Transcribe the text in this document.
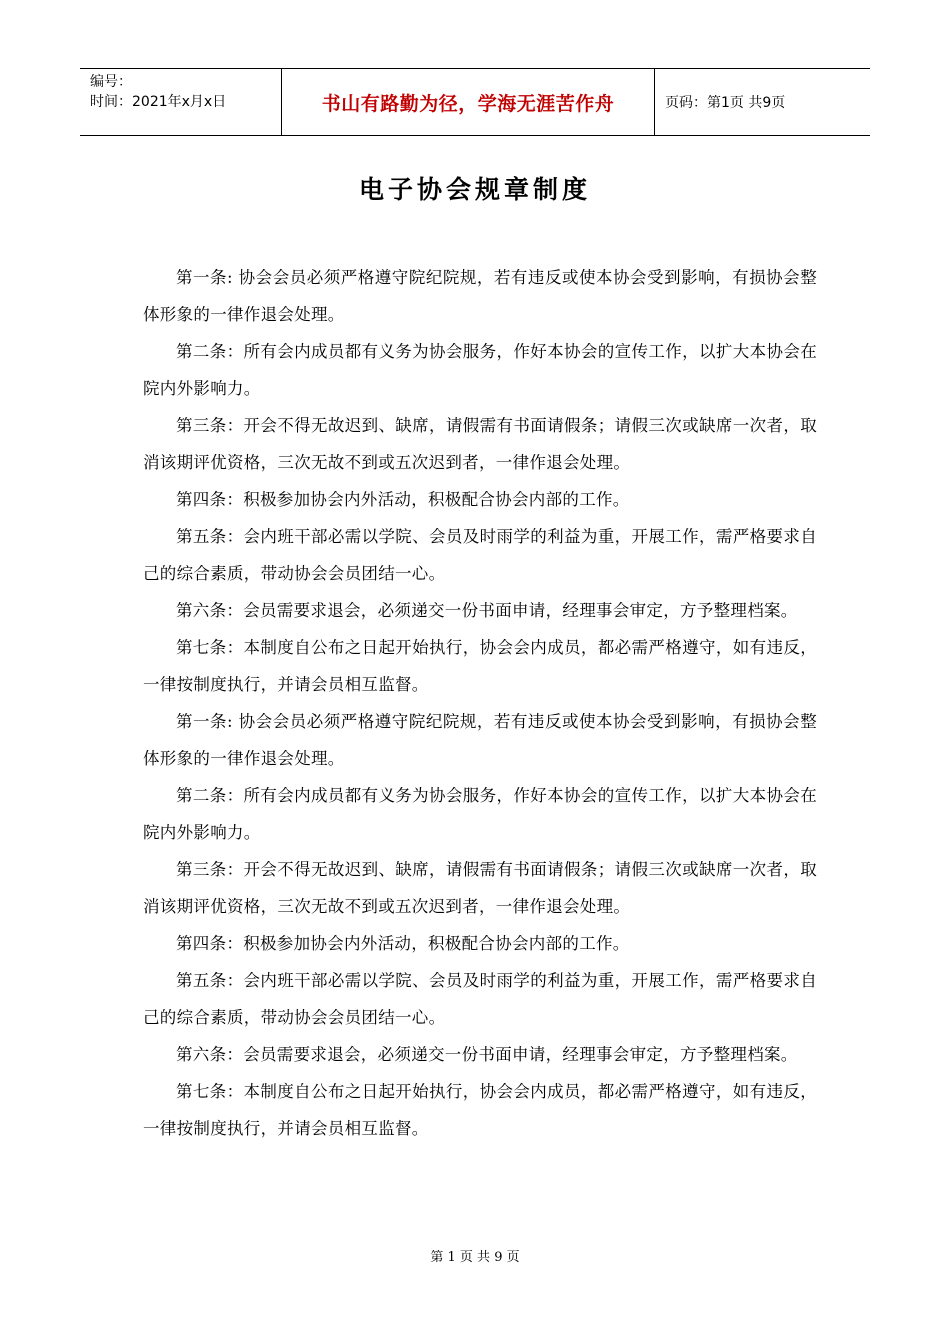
编号：
时间：2021年x月x日	书山有路勤为径，学海无涯苦作舟	页码：第1页 共9页
电子协会规章制度

第一条: 协会会员必须严格遵守院纪院规，若有违反或使本协会受到影响，有损协会整体形象的一律作退会处理。

第二条：所有会内成员都有义务为协会服务，作好本协会的宣传工作，以扩大本协会在院内外影响力。

第三条：开会不得无故迟到、缺席，请假需有书面请假条；请假三次或缺席一次者，取消该期评优资格，三次无故不到或五次迟到者，一律作退会处理。

第四条：积极参加协会内外活动，积极配合协会内部的工作。

第五条：会内班干部必需以学院、会员及时雨学的利益为重，开展工作，需严格要求自己的综合素质，带动协会会员团结一心。

第六条：会员需要求退会，必须递交一份书面申请，经理事会审定，方予整理档案。

第七条：本制度自公布之日起开始执行，协会会内成员，都必需严格遵守，如有违反，一律按制度执行，并请会员相互监督。

第一条: 协会会员必须严格遵守院纪院规，若有违反或使本协会受到影响，有损协会整体形象的一律作退会处理。

第二条：所有会内成员都有义务为协会服务，作好本协会的宣传工作，以扩大本协会在院内外影响力。

第三条：开会不得无故迟到、缺席，请假需有书面请假条；请假三次或缺席一次者，取消该期评优资格，三次无故不到或五次迟到者，一律作退会处理。

第四条：积极参加协会内外活动，积极配合协会内部的工作。

第五条：会内班干部必需以学院、会员及时雨学的利益为重，开展工作，需严格要求自己的综合素质，带动协会会员团结一心。

第六条：会员需要求退会，必须递交一份书面申请，经理事会审定，方予整理档案。

第七条：本制度自公布之日起开始执行，协会会内成员，都必需严格遵守，如有违反，一律按制度执行，并请会员相互监督。

第 1 页 共 9 页
